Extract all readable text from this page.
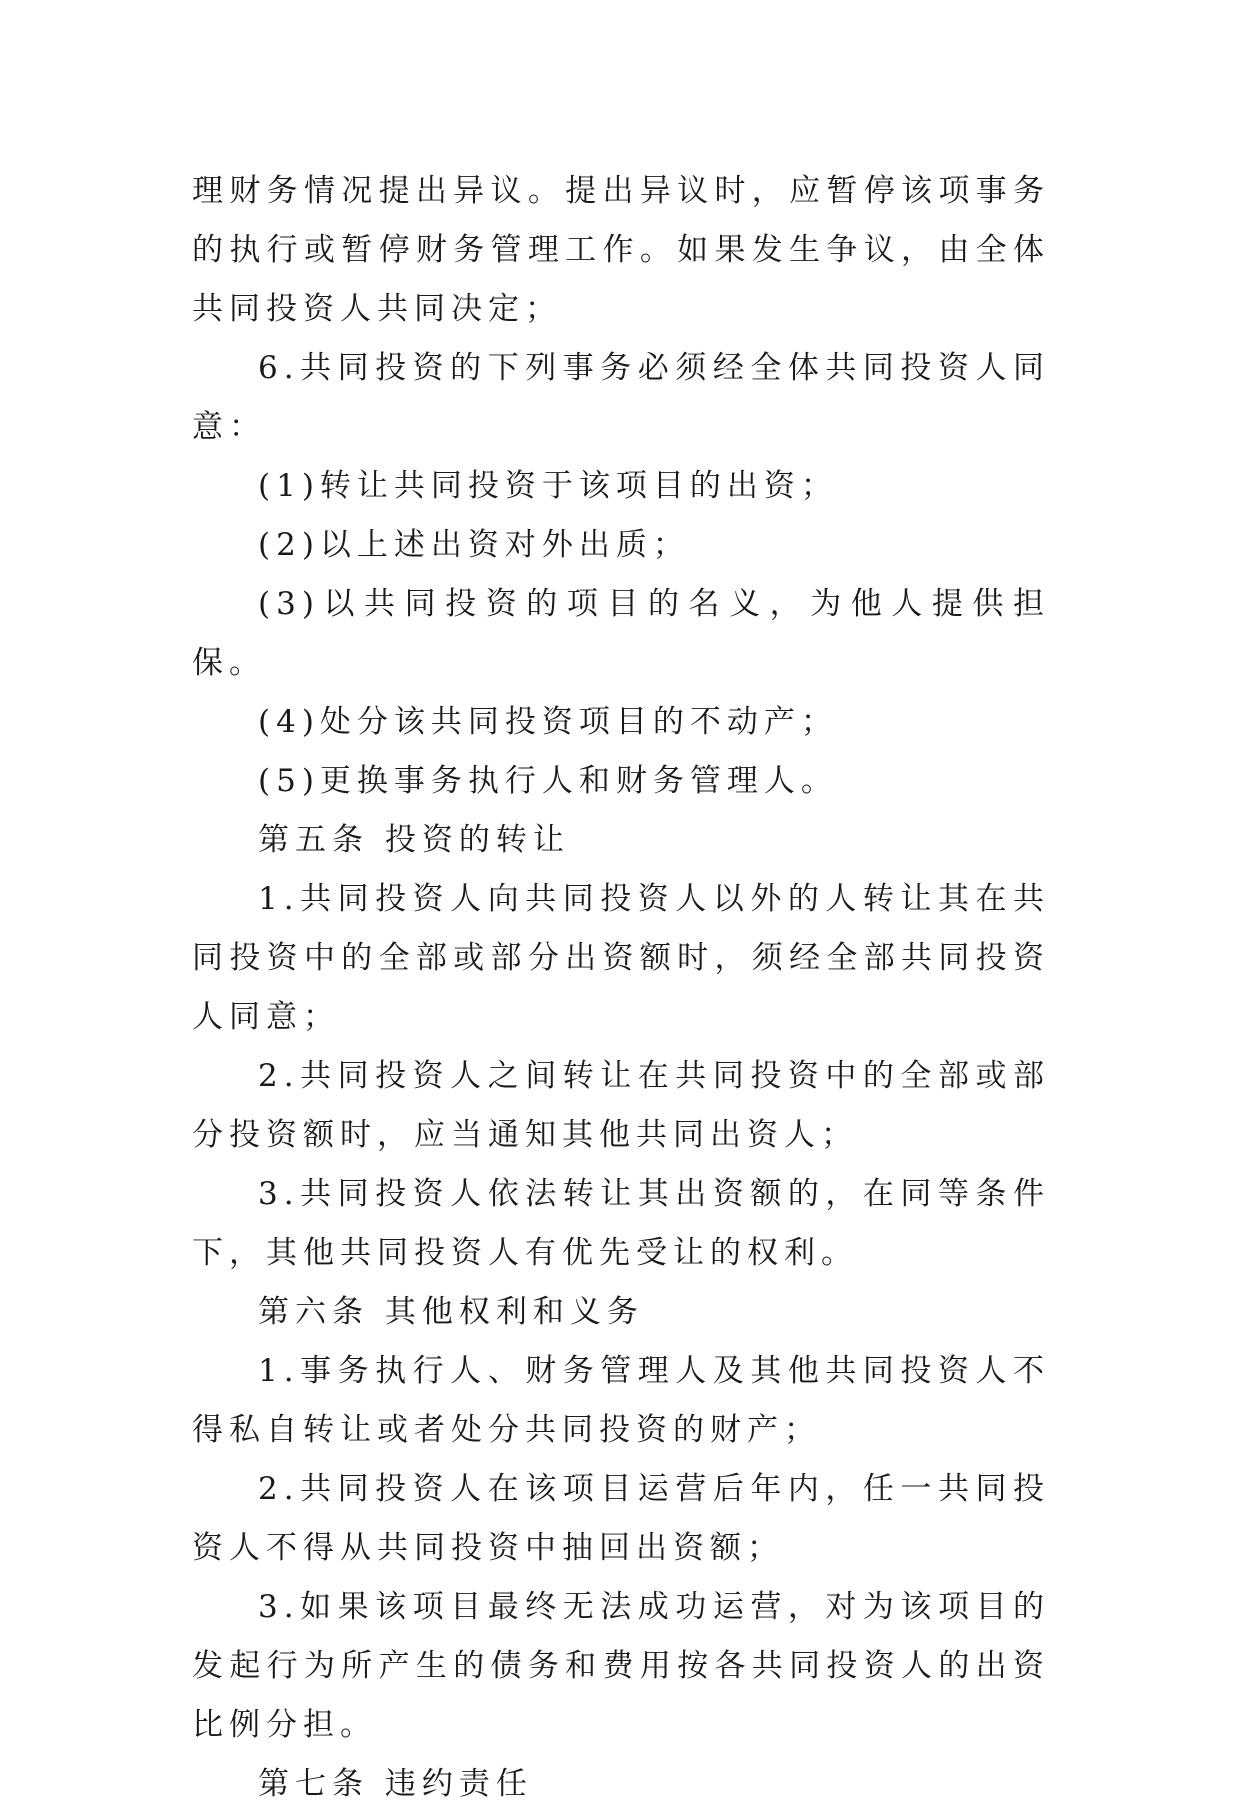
理财务情况提出异议。提出异议时，应暂停该项事务的执行或暂停财务管理工作。如果发生争议，由全体共同投资人共同决定；

6.共同投资的下列事务必须经全体共同投资人同意：

(1)转让共同投资于该项目的出资；

(2)以上述出资对外出质；

(3)以共同投资的项目的名义，为他人提供担保。

(4)处分该共同投资项目的不动产；

(5)更换事务执行人和财务管理人。

第五条 投资的转让

1.共同投资人向共同投资人以外的人转让其在共同投资中的全部或部分出资额时，须经全部共同投资人同意；

2.共同投资人之间转让在共同投资中的全部或部分投资额时，应当通知其他共同出资人；

3.共同投资人依法转让其出资额的，在同等条件下，其他共同投资人有优先受让的权利。

第六条 其他权利和义务

1.事务执行人、财务管理人及其他共同投资人不得私自转让或者处分共同投资的财产；

2.共同投资人在该项目运营后年内，任一共同投资人不得从共同投资中抽回出资额；

3.如果该项目最终无法成功运营，对为该项目的发起行为所产生的债务和费用按各共同投资人的出资比例分担。

第七条 违约责任
